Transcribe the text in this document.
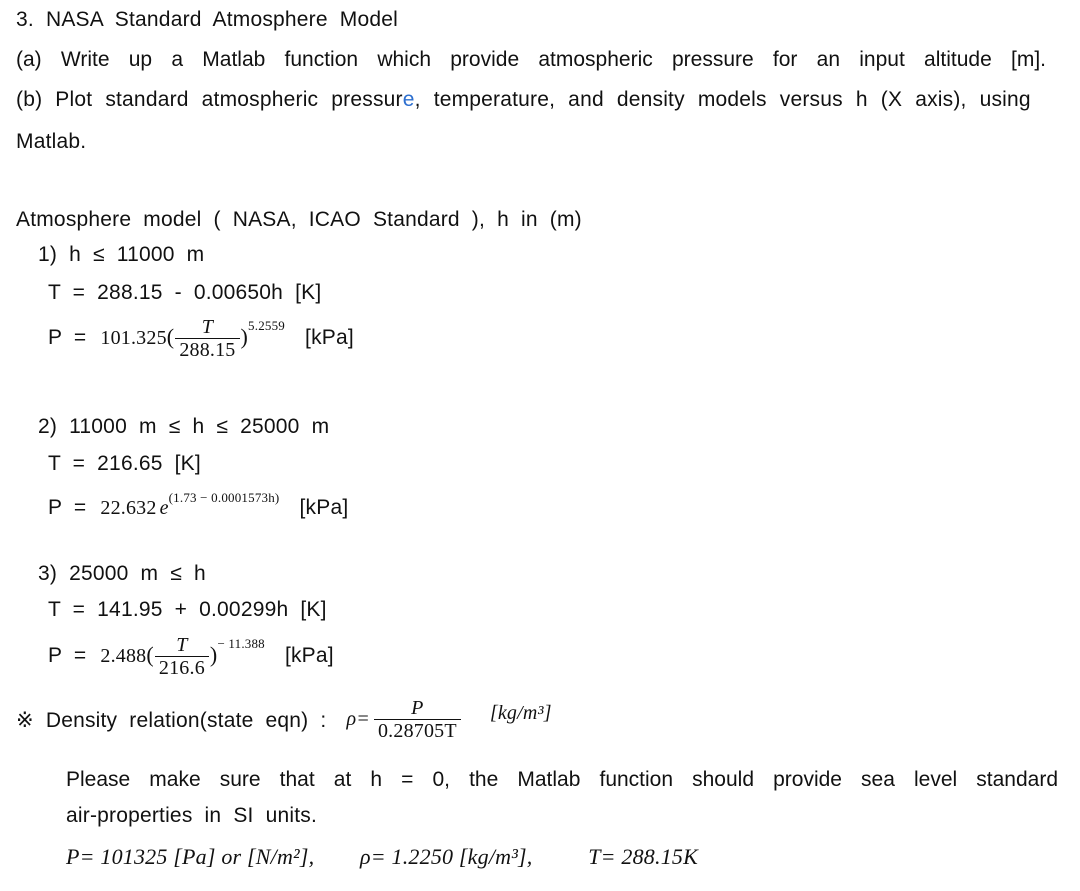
3. NASA Standard Atmosphere Model
(a) Write up a Matlab function which provide atmospheric pressure for an input altitude [m].
(b) Plot standard atmospheric pressure, temperature, and density models versus h (X axis), using
Matlab.
Atmosphere model ( NASA, ICAO Standard ), h in (m)
1) h ≤ 11000 m
T = 288.15 - 0.00650h [K]
$P = 101.325( \frac{T}{288.15} )^{5.2559}$ [kPa]
2) 11000 m ≤ h ≤ 25000 m
T = 216.65 [K]
P = 22.632 $e^{(1.73 - 0.0001573h)}$ [kPa]
3) 25000 m ≤ h
T = 141.95 + 0.00299h [K]
$P = 2.488( \frac{T}{216.6} )^{- 11.388}$ [kPa]
※ Density relation(state eqn) : $\rho= \frac{P}{0.28705T} [kg/m^3]$
Please make sure that at h = 0, the Matlab function should provide sea level standard
air-properties in SI units.
P= 101325 [Pa] or [N/m²], ρ= 1.2250 [kg/m³],	T= 288.15K
